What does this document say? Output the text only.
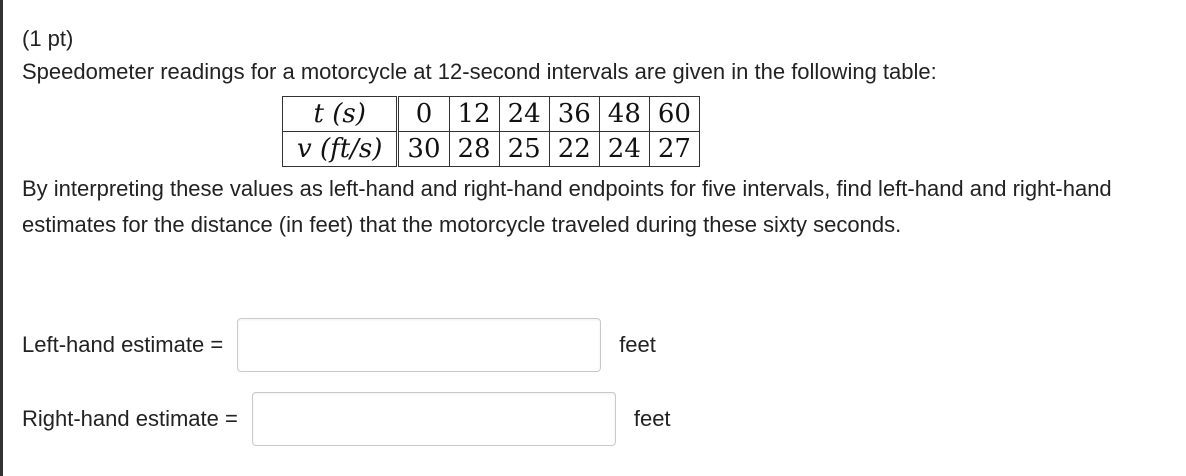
(1 pt)

Speedometer readings for a motorcycle at 12-second intervals are given in the following table:

t (s)	0	12	24	36	48	60
v (ft/s)	30	28	25	22	24	27

By interpreting these values as left-hand and right-hand endpoints for five intervals, find left-hand and right-hand estimates for the distance (in feet) that the motorcycle traveled during these sixty seconds.

Left-hand estimate =	feet
Right-hand estimate =	feet
